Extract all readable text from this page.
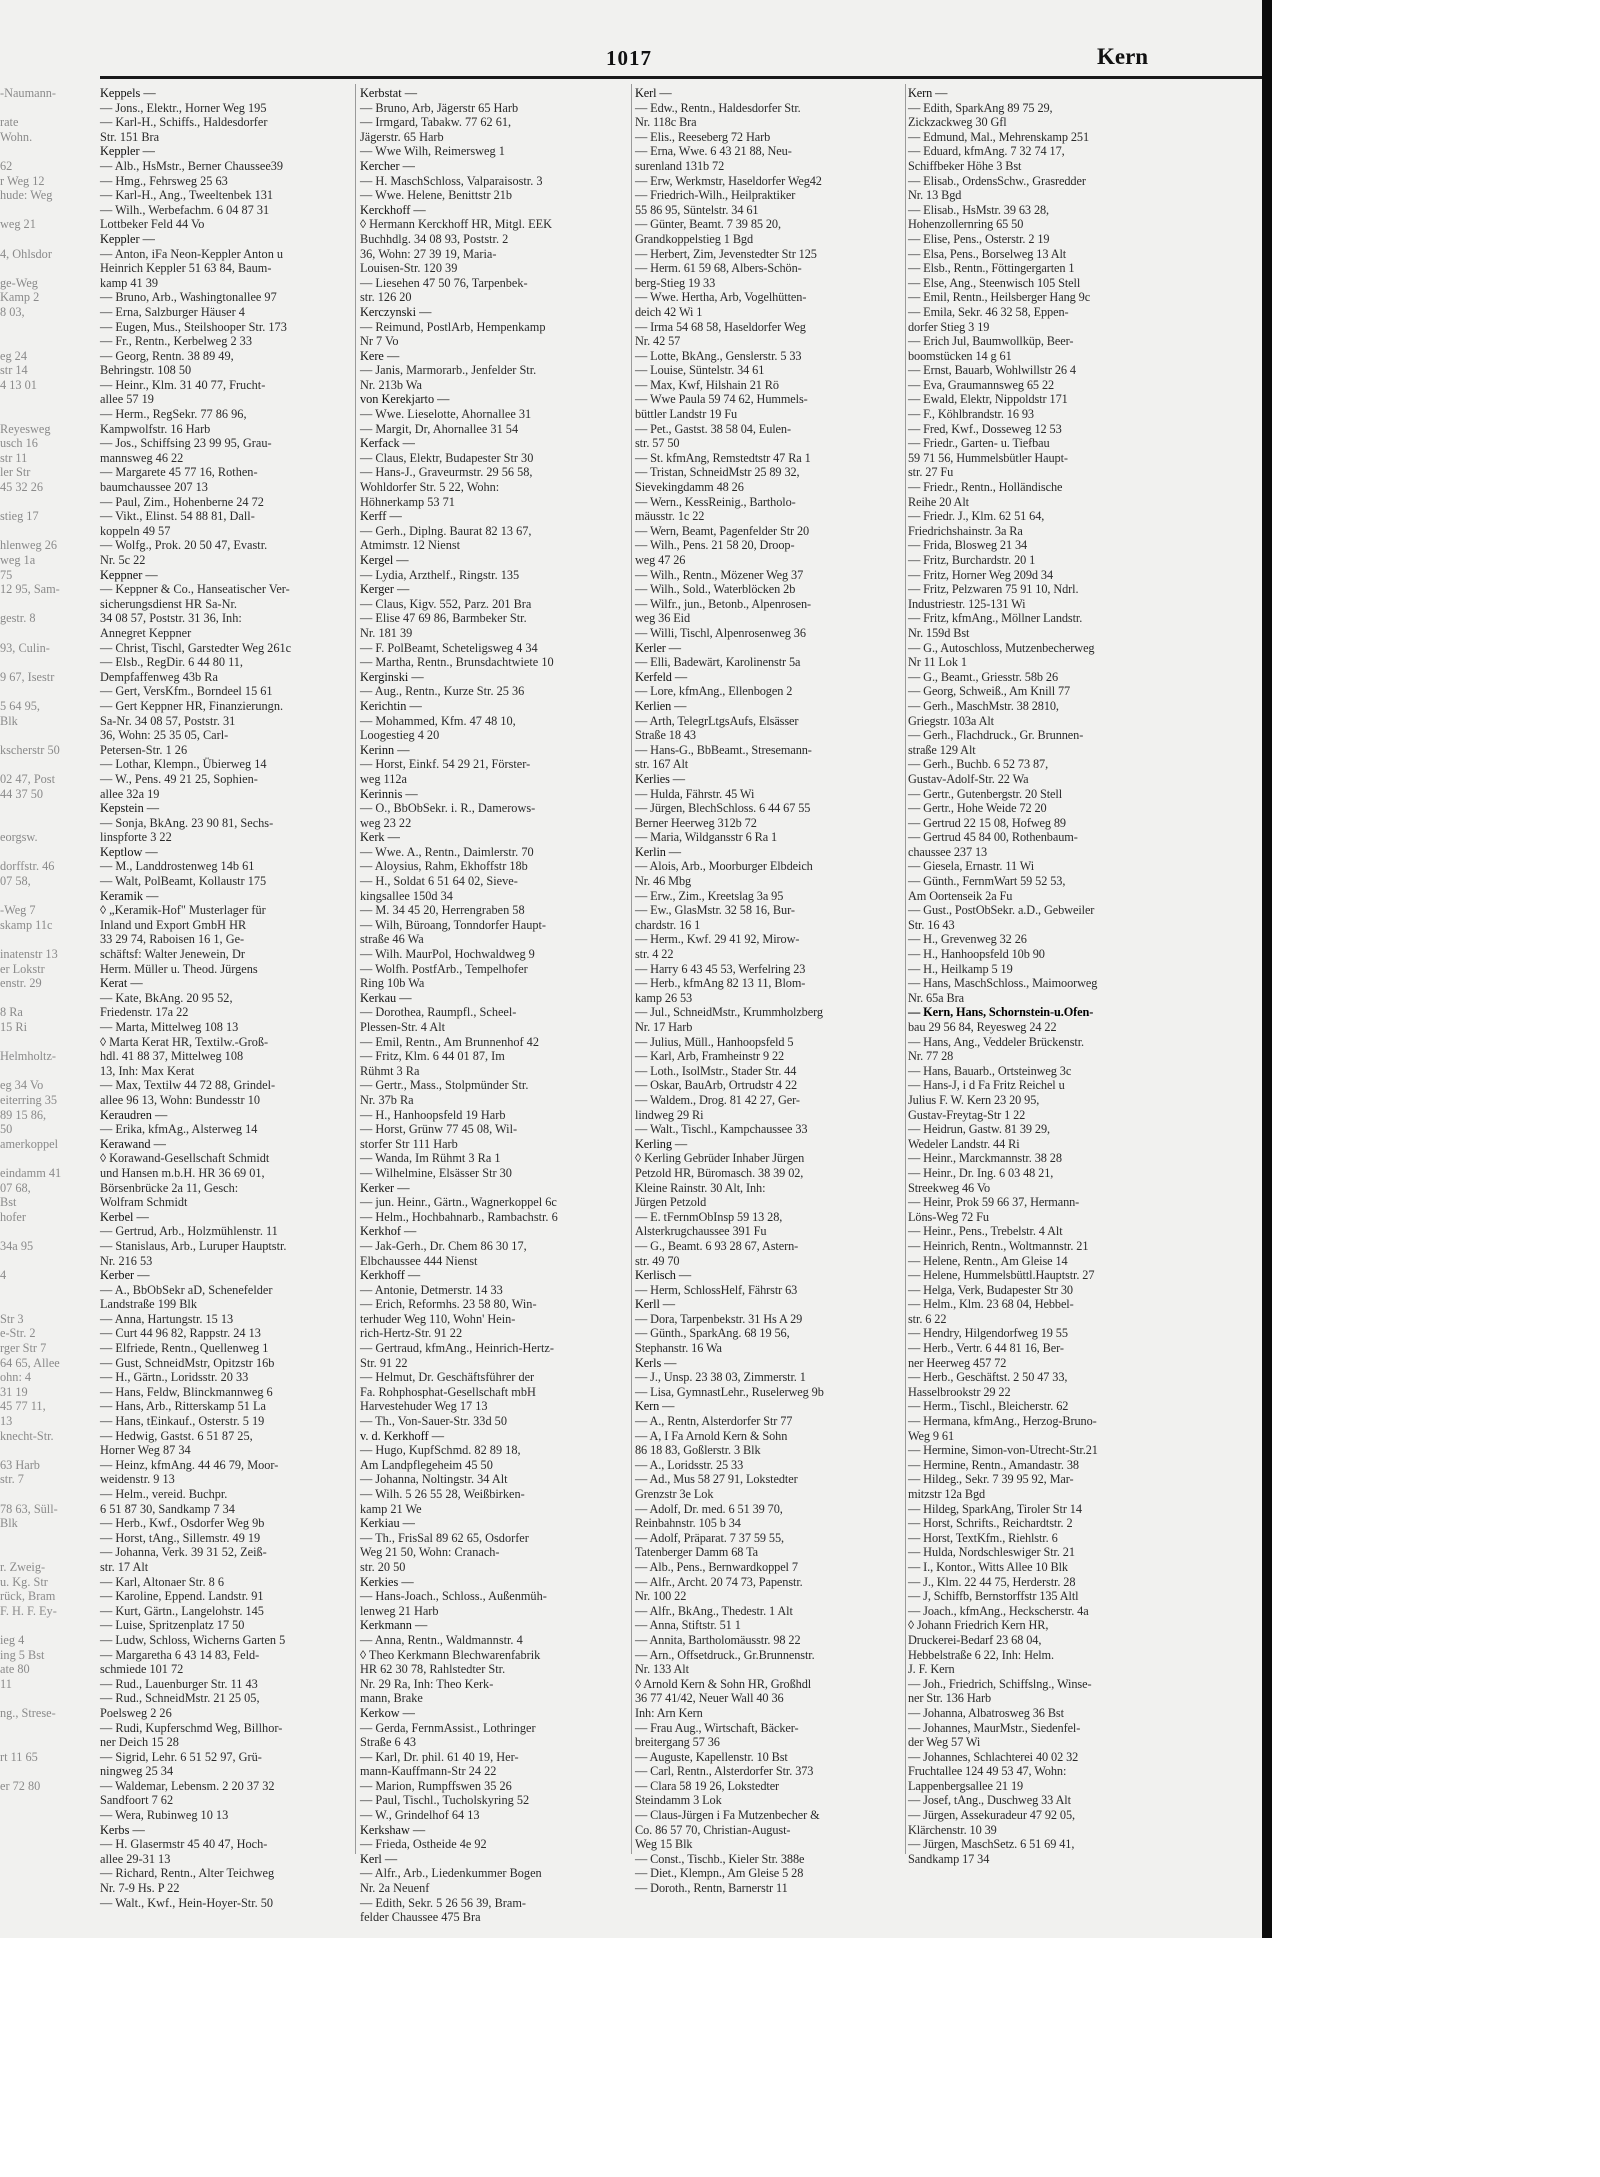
1017	Kern
-Naumann-

rate
Wohn.

62
r Weg 12
hude: Weg

weg 21

4, Ohlsdor

ge-Weg
Kamp 2
8 03,

eg 24
str 14
4 13 01

Reyesweg
usch 16
str 11
ler Str
45 32 26

stieg 17

hlenweg 26
weg 1a
75
12 95, Sam-

gestr. 8

93, Culin-

9 67, Isestr

5 64 95,
Blk

kscherstr 50

02 47, Post
44 37 50

eorgsw.

dorffstr. 46
07 58,

-Weg 7
skamp 11c

inatenstr 13
er Lokstr
enstr. 29

8 Ra
15 Ri

Helmholtz-

eg 34 Vo
eiterring 35
89 15 86,
50
amerkoppel

eindamm 41
07 68,
Bst
hofer

34a 95

4

Str 3
e-Str. 2
rger Str 7
64 65, Allee
ohn: 4
31 19
45 77 11,
13
knecht-Str.

63 Harb
str. 7

78 63, Süll-
Blk

r. Zweig-
u. Kg. Str
rück, Bram
F. H. F. Ey-

ieg 4
ing 5 Bst
ate 80
11

ng., Strese-

rt 11 65

er 72 80
Keppels —
— Jons., Elektr., Horner Weg 195
— Karl-H., Schiffs., Haldesdorfer
Str. 151 Bra
Keppler —
— Alb., HsMstr., Berner Chaussee39
— Hmg., Fehrsweg 25 63
— Karl-H., Ang., Tweeltenbek 131
— Wilh., Werbefachm. 6 04 87 31
Lottbeker Feld 44 Vo
Keppler —
— Anton, iFa Neon-Keppler Anton u
Heinrich Keppler 51 63 84, Baum-
kamp 41 39
— Bruno, Arb., Washingtonallee 97
— Erna, Salzburger Häuser 4
— Eugen, Mus., Steilshooper Str. 173
— Fr., Rentn., Kerbelweg 2 33
— Georg, Rentn. 38 89 49,
Behringstr. 108 50
— Heinr., Klm. 31 40 77, Frucht-
allee 57 19
— Herm., RegSekr. 77 86 96,
Kampwolfstr. 16 Harb
— Jos., Schiffsing 23 99 95, Grau-
mannsweg 46 22
— Margarete 45 77 16, Rothen-
baumchaussee 207 13
— Paul, Zim., Hohenberne 24 72
— Vikt., Elinst. 54 88 81, Dall-
koppeln 49 57
— Wolfg., Prok. 20 50 47, Evastr.
Nr. 5c 22
Keppner —
— Keppner & Co., Hanseatischer Ver-
sicherungsdienst HR Sa-Nr.
34 08 57, Poststr. 31 36, Inh:
Annegret Keppner
— Christ, Tischl, Garstedter Weg 261c
— Elsb., RegDir. 6 44 80 11,
Dempfaffenweg 43b Ra
— Gert, VersKfm., Borndeel 15 61
— Gert Keppner HR, Finanzierungn.
Sa-Nr. 34 08 57, Poststr. 31
36, Wohn: 25 35 05, Carl-
Petersen-Str. 1 26
— Lothar, Klempn., Übierweg 14
— W., Pens. 49 21 25, Sophien-
allee 32a 19
Kepstein —
— Sonja, BkAng. 23 90 81, Sechs-
linspforte 3 22
Keptlow —
— M., Landdrostenweg 14b 61
— Walt, PolBeamt, Kollaustr 175
Keramik —
◊ „Keramik-Hof" Musterlager für
Inland und Export GmbH HR
33 29 74, Raboisen 16 1, Ge-
schäftsf: Walter Jenewein, Dr
Herm. Müller u. Theod. Jürgens
Kerat —
— Kate, BkAng. 20 95 52,
Friedenstr. 17a 22
— Marta, Mittelweg 108 13
◊ Marta Kerat HR, Textilw.-Groß-
hdl. 41 88 37, Mittelweg 108
13, Inh: Max Kerat
— Max, Textilw 44 72 88, Grindel-
allee 96 13, Wohn: Bundesstr 10
Keraudren —
— Erika, kfmAg., Alsterweg 14
Kerawand —
◊ Korawand-Gesellschaft Schmidt
und Hansen m.b.H. HR 36 69 01,
Börsenbrücke 2a 11, Gesch:
Wolfram Schmidt
Kerbel —
— Gertrud, Arb., Holzmühlenstr. 11
— Stanislaus, Arb., Luruper Hauptstr.
Nr. 216 53
Kerber —
— A., BbObSekr aD, Schenefelder
Landstraße 199 Blk
— Anna, Hartungstr. 15 13
— Curt 44 96 82, Rappstr. 24 13
— Elfriede, Rentn., Quellenweg 1
— Gust, SchneidMstr, Opitzstr 16b
— H., Gärtn., Loridsstr. 20 33
— Hans, Feldw, Blinckmannweg 6
— Hans, Arb., Ritterskamp 51 La
— Hans, tEinkauf., Osterstr. 5 19
— Hedwig, Gastst. 6 51 87 25,
Horner Weg 87 34
— Heinz, kfmAng. 44 46 79, Moor-
weidenstr. 9 13
— Helm., vereid. Buchpr.
6 51 87 30, Sandkamp 7 34
— Herb., Kwf., Osdorfer Weg 9b
— Horst, tAng., Sillemstr. 49 19
— Johanna, Verk. 39 31 52, Zeiß-
str. 17 Alt
— Karl, Altonaer Str. 8 6
— Karoline, Eppend. Landstr. 91
— Kurt, Gärtn., Langelohstr. 145
— Luise, Spritzenplatz 17 50
— Ludw, Schloss, Wicherns Garten 5
— Margaretha 6 43 14 83, Feld-
schmiede 101 72
— Rud., Lauenburger Str. 11 43
— Rud., SchneidMstr. 21 25 05,
Poelsweg 2 26
— Rudi, Kupferschmd Weg, Billhor-
ner Deich 15 28
— Sigrid, Lehr. 6 51 52 97, Grü-
ningweg 25 34
— Waldemar, Lebensm. 2 20 37 32
Sandfoort 7 62
— Wera, Rubinweg 10 13
Kerbs —
— H. Glasermstr 45 40 47, Hoch-
allee 29-31 13
— Richard, Rentn., Alter Teichweg
Nr. 7-9 Hs. P 22
— Walt., Kwf., Hein-Hoyer-Str. 50
Kerbstat —
— Bruno, Arb, Jägerstr 65 Harb
— Irmgard, Tabakw. 77 62 61,
Jägerstr. 65 Harb
— Wwe Wilh, Reimersweg 1
Kercher —
— H. MaschSchloss, Valparaisostr. 3
— Wwe. Helene, Benittstr 21b
Kerckhoff —
◊ Hermann Kerckhoff HR, Mitgl. EEK
Buchhdlg. 34 08 93, Poststr. 2
36, Wohn: 27 39 19, Maria-
Louisen-Str. 120 39
— Liesehen 47 50 76, Tarpenbek-
str. 126 20
Kerczynski —
— Reimund, PostlArb, Hempenkamp
Nr 7 Vo
Kere —
— Janis, Marmorarb., Jenfelder Str.
Nr. 213b Wa
von Kerekjarto —
— Wwe. Lieselotte, Ahornallee 31
— Margit, Dr, Ahornallee 31 54
Kerfack —
— Claus, Elektr, Budapester Str 30
— Hans-J., Graveurmstr. 29 56 58,
Wohldorfer Str. 5 22, Wohn:
Höhnerkamp 53 71
Kerff —
— Gerh., Diplng. Baurat 82 13 67,
Atmimstr. 12 Nienst
Kergel —
— Lydia, Arzthelf., Ringstr. 135
Kerger —
— Claus, Kigv. 552, Parz. 201 Bra
— Elise 47 69 86, Barmbeker Str.
Nr. 181 39
— F. PolBeamt, Scheteligsweg 4 34
— Martha, Rentn., Brunsdachtwiete 10
Kerginski —
— Aug., Rentn., Kurze Str. 25 36
Kerichtin —
— Mohammed, Kfm. 47 48 10,
Loogestieg 4 20
Kerinn —
— Horst, Einkf. 54 29 21, Förster-
weg 112a
Kerinnis —
— O., BbObSekr. i. R., Damerows-
weg 23 22
Kerk —
— Wwe. A., Rentn., Daimlerstr. 70
— Aloysius, Rahm, Ekhoffstr 18b
— H., Soldat 6 51 64 02, Sieve-
kingsallee 150d 34
— M. 34 45 20, Herrengraben 58
— Wilh, Büroang, Tonndorfer Haupt-
straße 46 Wa
— Wilh. MaurPol, Hochwaldweg 9
— Wolfh. PostfArb., Tempelhofer
Ring 10b Wa
Kerkau —
— Dorothea, Raumpfl., Scheel-
Plessen-Str. 4 Alt
— Emil, Rentn., Am Brunnenhof 42
— Fritz, Klm. 6 44 01 87, Im
Rühmt 3 Ra
— Gertr., Mass., Stolpmünder Str.
Nr. 37b Ra
— H., Hanhoopsfeld 19 Harb
— Horst, Grünw 77 45 08, Wil-
storfer Str 111 Harb
— Wanda, Im Rühmt 3 Ra 1
— Wilhelmine, Elsässer Str 30
Kerker —
— jun. Heinr., Gärtn., Wagnerkoppel 6c
— Helm., Hochbahnarb., Rambachstr. 6
Kerkhof —
— Jak-Gerh., Dr. Chem 86 30 17,
Elbchaussee 444 Nienst
Kerkhoff —
— Antonie, Detmerstr. 14 33
— Erich, Reformhs. 23 58 80, Win-
terhuder Weg 110, Wohn' Hein-
rich-Hertz-Str. 91 22
— Gertraud, kfmAng., Heinrich-Hertz-
Str. 91 22
— Helmut, Dr. Geschäftsführer der
Fa. Rohphosphat-Gesellschaft mbH
Harvestehuder Weg 17 13
— Th., Von-Sauer-Str. 33d 50
v. d. Kerkhoff —
— Hugo, KupfSchmd. 82 89 18,
Am Landpflegeheim 45 50
— Johanna, Noltingstr. 34 Alt
— Wilh. 5 26 55 28, Weißbirken-
kamp 21 We
Kerkiau —
— Th., FrisSal 89 62 65, Osdorfer
Weg 21 50, Wohn: Cranach-
str. 20 50
Kerkies —
— Hans-Joach., Schloss., Außenmüh-
lenweg 21 Harb
Kerkmann —
— Anna, Rentn., Waldmannstr. 4
◊ Theo Kerkmann Blechwarenfabrik
HR 62 30 78, Rahlstedter Str.
Nr. 29 Ra, Inh: Theo Kerk-
mann, Brake
Kerkow —
— Gerda, FernmAssist., Lothringer
Straße 6 43
— Karl, Dr. phil. 61 40 19, Her-
mann-Kauffmann-Str 24 22
— Marion, Rumpffswen 35 26
— Paul, Tischl., Tucholskyring 52
— W., Grindelhof 64 13
Kerkshaw —
— Frieda, Ostheide 4e 92
Kerl —
— Alfr., Arb., Liedenkummer Bogen
Nr. 2a Neuenf
— Edith, Sekr. 5 26 56 39, Bram-
felder Chaussee 475 Bra
Kerl —
— Edw., Rentn., Haldesdorfer Str.
Nr. 118c Bra
— Elis., Reeseberg 72 Harb
— Erna, Wwe. 6 43 21 88, Neu-
surenland 131b 72
— Erw, Werkmstr, Haseldorfer Weg42
— Friedrich-Wilh., Heilpraktiker
55 86 95, Süntelstr. 34 61
— Günter, Beamt. 7 39 85 20,
Grandkoppelstieg 1 Bgd
— Herbert, Zim, Jevenstedter Str 125
— Herm. 61 59 68, Albers-Schön-
berg-Stieg 19 33
— Wwe. Hertha, Arb, Vogelhütten-
deich 42 Wi 1
— Irma 54 68 58, Haseldorfer Weg
Nr. 42 57
— Lotte, BkAng., Genslerstr. 5 33
— Louise, Süntelstr. 34 61
— Max, Kwf, Hilshain 21 Rö
— Wwe Paula 59 74 62, Hummels-
büttler Landstr 19 Fu
— Pet., Gastst. 38 58 04, Eulen-
str. 57 50
— St. kfmAng, Remstedtstr 47 Ra 1
— Tristan, SchneidMstr 25 89 32,
Sievekingdamm 48 26
— Wern., KessReinig., Bartholo-
mäusstr. 1c 22
— Wern, Beamt, Pagenfelder Str 20
— Wilh., Pens. 21 58 20, Droop-
weg 47 26
— Wilh., Rentn., Mözener Weg 37
— Wilh., Sold., Waterblöcken 2b
— Wilfr., jun., Betonb., Alpenrosen-
weg 36 Eid
— Willi, Tischl, Alpenrosenweg 36
Kerler —
— Elli, Badewärt, Karolinenstr 5a
Kerfeld —
— Lore, kfmAng., Ellenbogen 2
Kerlien —
— Arth, TelegrLtgsAufs, Elsässer
Straße 18 43
— Hans-G., BbBeamt., Stresemann-
str. 167 Alt
Kerlies —
— Hulda, Fährstr. 45 Wi
— Jürgen, BlechSchloss. 6 44 67 55
Berner Heerweg 312b 72
— Maria, Wildgansstr 6 Ra 1
Kerlin —
— Alois, Arb., Moorburger Elbdeich
Nr. 46 Mbg
— Erw., Zim., Kreetslag 3a 95
— Ew., GlasMstr. 32 58 16, Bur-
chardstr. 16 1
— Herm., Kwf. 29 41 92, Mirow-
str. 4 22
— Harry 6 43 45 53, Werfelring 23
— Herb., kfmAng 82 13 11, Blom-
kamp 26 53
— Jul., SchneidMstr., Krummholzberg
Nr. 17 Harb
— Julius, Müll., Hanhoopsfeld 5
— Karl, Arb, Framheinstr 9 22
— Loth., IsolMstr., Stader Str. 44
— Oskar, BauArb, Ortrudstr 4 22
— Waldem., Drog. 81 42 27, Ger-
lindweg 29 Ri
— Walt., Tischl., Kampchaussee 33
Kerling —
◊ Kerling Gebrüder Inhaber Jürgen
Petzold HR, Büromasch. 38 39 02,
Kleine Rainstr. 30 Alt, Inh:
Jürgen Petzold
— E. tFernmObInsp 59 13 28,
Alsterkrugchaussee 391 Fu
— G., Beamt. 6 93 28 67, Astern-
str. 49 70
Kerlisch —
— Herm, SchlossHelf, Fährstr 63
Kerll —
— Dora, Tarpenbekstr. 31 Hs A 29
— Günth., SparkAng. 68 19 56,
Stephanstr. 16 Wa
Kerls —
— J., Unsp. 23 38 03, Zimmerstr. 1
— Lisa, GymnastLehr., Ruselerweg 9b
Kern —
— A., Rentn, Alsterdorfer Str 77
— A, I Fa Arnold Kern & Sohn
86 18 83, Goßlerstr. 3 Blk
— A., Loridsstr. 25 33
— Ad., Mus 58 27 91, Lokstedter
Grenzstr 3e Lok
— Adolf, Dr. med. 6 51 39 70,
Reinbahnstr. 105 b 34
— Adolf, Präparat. 7 37 59 55,
Tatenberger Damm 68 Ta
— Alb., Pens., Bernwardkoppel 7
— Alfr., Archt. 20 74 73, Papenstr.
Nr. 100 22
— Alfr., BkAng., Thedestr. 1 Alt
— Anna, Stiftstr. 51 1
— Annita, Bartholomäusstr. 98 22
— Arn., Offsetdruck., Gr.Brunnenstr.
Nr. 133 Alt
◊ Arnold Kern & Sohn HR, Großhdl
36 77 41/42, Neuer Wall 40 36
Inh: Arn Kern
— Frau Aug., Wirtschaft, Bäcker-
breitergang 57 36
— Auguste, Kapellenstr. 10 Bst
— Carl, Rentn., Alsterdorfer Str. 373
— Clara 58 19 26, Lokstedter
Steindamm 3 Lok
— Claus-Jürgen i Fa Mutzenbecher &
Co. 86 57 70, Christian-August-
Weg 15 Blk
— Const., Tischb., Kieler Str. 388e
— Diet., Klempn., Am Gleise 5 28
— Doroth., Rentn, Barnerstr 11
Kern —
— Edith, SparkAng 89 75 29,
Zickzackweg 30 Gfl
— Edmund, Mal., Mehrenskamp 251
— Eduard, kfmAng. 7 32 74 17,
Schiffbeker Höhe 3 Bst
— Elisab., OrdensSchw., Grasredder
Nr. 13 Bgd
— Elisab., HsMstr. 39 63 28,
Hohenzollernring 65 50
— Elise, Pens., Osterstr. 2 19
— Elsa, Pens., Borselweg 13 Alt
— Elsb., Rentn., Föttingergarten 1
— Else, Ang., Steenwisch 105 Stell
— Emil, Rentn., Heilsberger Hang 9c
— Emila, Sekr. 46 32 58, Eppen-
dorfer Stieg 3 19
— Erich Jul, Baumwollküp, Beer-
boomstücken 14 g 61
— Ernst, Bauarb, Wohlwillstr 26 4
— Eva, Graumannsweg 65 22
— Ewald, Elektr, Nippoldstr 171
— F., Köhlbrandstr. 16 93
— Fred, Kwf., Dosseweg 12 53
— Friedr., Garten- u. Tiefbau
59 71 56, Hummelsbütler Haupt-
str. 27 Fu
— Friedr., Rentn., Holländische
Reihe 20 Alt
— Friedr. J., Klm. 62 51 64,
Friedrichshainstr. 3a Ra
— Frida, Blosweg 21 34
— Fritz, Burchardstr. 20 1
— Fritz, Horner Weg 209d 34
— Fritz, Pelzwaren 75 91 10, Ndrl.
Industriestr. 125-131 Wi
— Fritz, kfmAng., Möllner Landstr.
Nr. 159d Bst
— G., Autoschloss, Mutzenbecherweg
Nr 11 Lok 1
— G., Beamt., Griesstr. 58b 26
— Georg, Schweiß., Am Knill 77
— Gerh., MaschMstr. 38 2810,
Griegstr. 103a Alt
— Gerh., Flachdruck., Gr. Brunnen-
straße 129 Alt
— Gerh., Buchb. 6 52 73 87,
Gustav-Adolf-Str. 22 Wa
— Gertr., Gutenbergstr. 20 Stell
— Gertr., Hohe Weide 72 20
— Gertrud 22 15 08, Hofweg 89
— Gertrud 45 84 00, Rothenbaum-
chaussee 237 13
— Giesela, Ernastr. 11 Wi
— Günth., FernmWart 59 52 53,
Am Oortenseik 2a Fu
— Gust., PostObSekr. a.D., Gebweiler
Str. 16 43
— H., Grevenweg 32 26
— H., Hanhoopsfeld 10b 90
— H., Heilkamp 5 19
— Hans, MaschSchloss., Maimoorweg
Nr. 65a Bra
— Kern, Hans, Schornstein-u.Ofen-
bau 29 56 84, Reyesweg 24 22
— Hans, Ang., Veddeler Brückenstr.
Nr. 77 28
— Hans, Bauarb., Ortsteinweg 3c
— Hans-J, i d Fa Fritz Reichel u
Julius F. W. Kern 23 20 95,
Gustav-Freytag-Str 1 22
— Heidrun, Gastw. 81 39 29,
Wedeler Landstr. 44 Ri
— Heinr., Marckmannstr. 38 28
— Heinr., Dr. Ing. 6 03 48 21,
Streekweg 46 Vo
— Heinr, Prok 59 66 37, Hermann-
Löns-Weg 72 Fu
— Heinr., Pens., Trebelstr. 4 Alt
— Heinrich, Rentn., Woltmannstr. 21
— Helene, Rentn., Am Gleise 14
— Helene, Hummelsbüttl.Hauptstr. 27
— Helga, Verk, Budapester Str 30
— Helm., Klm. 23 68 04, Hebbel-
str. 6 22
— Hendry, Hilgendorfweg 19 55
— Herb., Vertr. 6 44 81 16, Ber-
ner Heerweg 457 72
— Herb., Geschäftst. 2 50 47 33,
Hasselbrookstr 29 22
— Herm., Tischl., Bleicherstr. 62
— Hermana, kfmAng., Herzog-Bruno-
Weg 9 61
— Hermine, Simon-von-Utrecht-Str.21
— Hermine, Rentn., Amandastr. 38
— Hildeg., Sekr. 7 39 95 92, Mar-
mitzstr 12a Bgd
— Hildeg, SparkAng, Tiroler Str 14
— Horst, Schrifts., Reichardtstr. 2
— Horst, TextKfm., Riehlstr. 6
— Hulda, Nordschleswiger Str. 21
— I., Kontor., Witts Allee 10 Blk
— J., Klm. 22 44 75, Herderstr. 28
— J, Schiffb, Bernstorffstr 135 Altl
— Joach., kfmAng., Heckscherstr. 4a
◊ Johann Friedrich Kern HR,
Druckerei-Bedarf 23 68 04,
Hebbelstraße 6 22, Inh: Helm.
J. F. Kern
— Joh., Friedrich, Schiffslng., Winse-
ner Str. 136 Harb
— Johanna, Albatrosweg 36 Bst
— Johannes, MaurMstr., Siedenfel-
der Weg 57 Wi
— Johannes, Schlachterei 40 02 32
Fruchtallee 124 49 53 47, Wohn:
Lappenbergsallee 21 19
— Josef, tAng., Duschweg 33 Alt
— Jürgen, Assekuradeur 47 92 05,
Klärchenstr. 10 39
— Jürgen, MaschSetz. 6 51 69 41,
Sandkamp 17 34
